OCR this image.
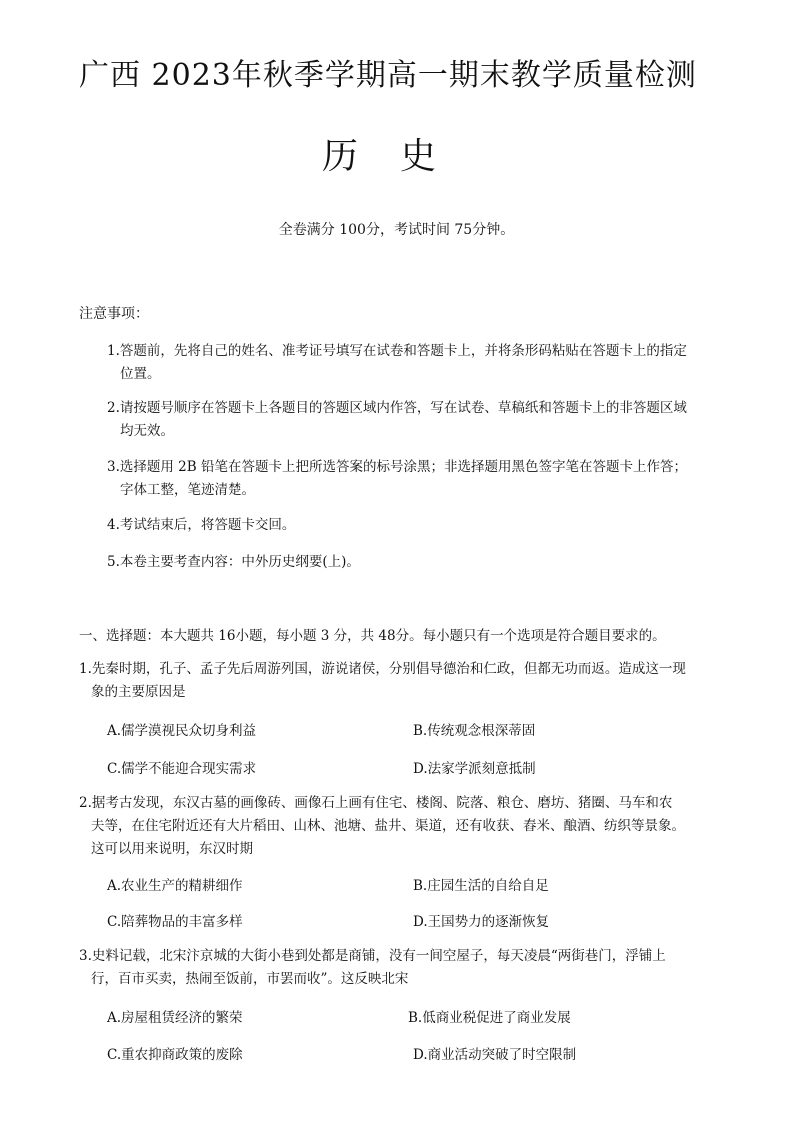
广西 2023年秋季学期高一期末教学质量检测
历 史
全卷满分 100分，考试时间 75分钟。
注意事项：
1.答题前，先将自己的姓名、准考证号填写在试卷和答题卡上，并将条形码粘贴在答题卡上的指定
位置。
2.请按题号顺序在答题卡上各题目的答题区域内作答，写在试卷、草稿纸和答题卡上的非答题区域
均无效。
3.选择题用 2B 铅笔在答题卡上把所选答案的标号涂黑；非选择题用黑色签字笔在答题卡上作答；
字体工整，笔迹清楚。
4.考试结束后，将答题卡交回。
5.本卷主要考查内容：中外历史纲要(上)。
一、选择题：本大题共 16小题，每小题 3 分，共 48分。每小题只有一个选项是符合题目要求的。
1.先秦时期，孔子、孟子先后周游列国，游说诸侯，分别倡导德治和仁政，但都无功而返。造成这一现
象的主要原因是
A.儒学漠视民众切身利益	B.传统观念根深蒂固
C.儒学不能迎合现实需求	D.法家学派刻意抵制
2.据考古发现，东汉古墓的画像砖、画像石上画有住宅、楼阁、院落、粮仓、磨坊、猪圈、马车和农
夫等，在住宅附近还有大片稻田、山林、池塘、盐井、渠道，还有收获、舂米、酿酒、纺织等景象。
这可以用来说明，东汉时期
A.农业生产的精耕细作	B.庄园生活的自给自足
C.陪葬物品的丰富多样	D.王国势力的逐渐恢复
3.史料记载，北宋汴京城的大街小巷到处都是商铺，没有一间空屋子，每天凌晨“两街巷门，浮铺上
行，百市买卖，热闹至饭前，市罢而收”。这反映北宋
A.房屋租赁经济的繁荣	B.低商业税促进了商业发展
C.重农抑商政策的废除	D.商业活动突破了时空限制
